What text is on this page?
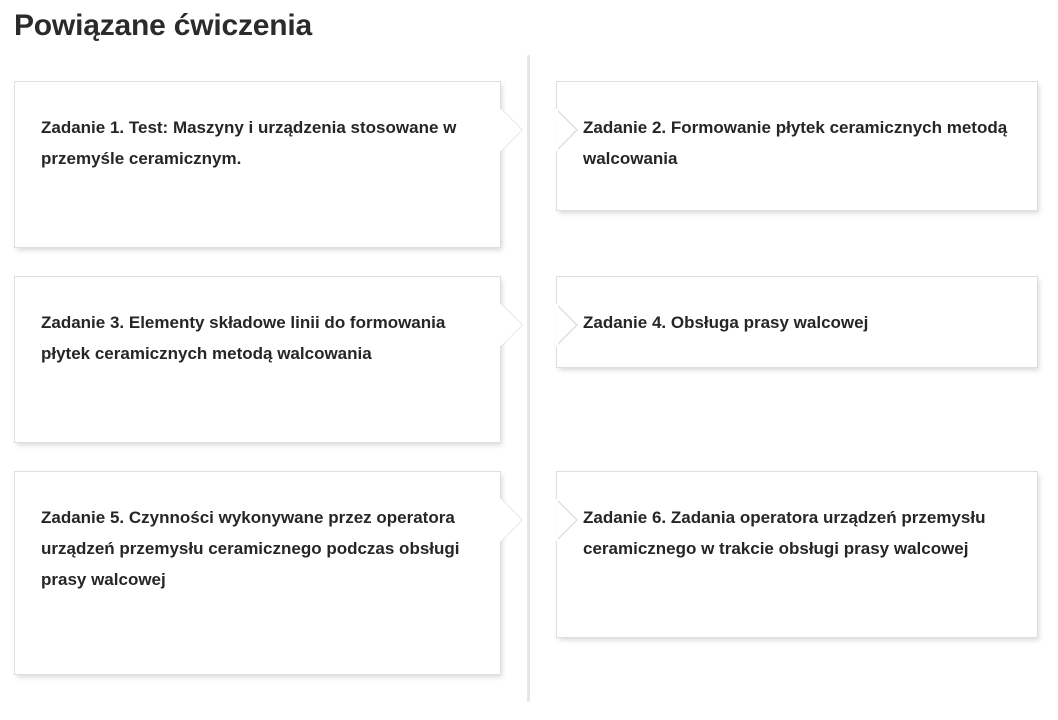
Powiązane ćwiczenia
Zadanie 1. Test: Maszyny i urządzenia stosowane w przemyśle ceramicznym.
Zadanie 2. Formowanie płytek ceramicznych metodą walcowania
Zadanie 3. Elementy składowe linii do formowania płytek ceramicznych metodą walcowania
Zadanie 4. Obsługa prasy walcowej
Zadanie 5. Czynności wykonywane przez operatora urządzeń przemysłu ceramicznego podczas obsługi prasy walcowej
Zadanie 6. Zadania operatora urządzeń przemysłu ceramicznego w trakcie obsługi prasy walcowej
